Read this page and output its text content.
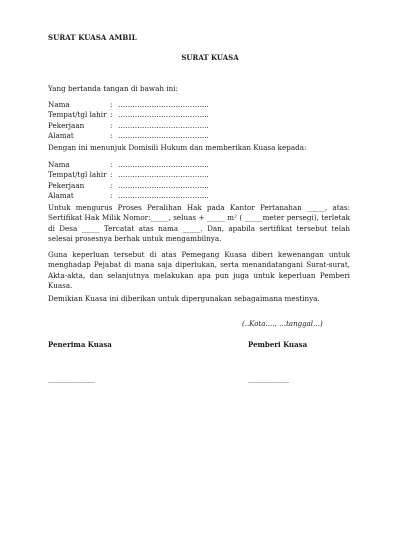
SURAT KUASA AMBIL
SURAT KUASA
Yang bertanda tangan di bawah ini:
Nama	: ………………………………..
Tempat/tgl lahir : ………………………………..
Pekerjaan	: ………………………………..
Alamat	: ………………………………..
Dengan ini menunjuk Domisili Hukum dan memberikan Kuasa kepada:
Nama	: ………………………………..
Tempat/tgl lahir : ………………………………..
Pekerjaan	: ………………………………..
Alamat	: ………………………………..
Untuk mengurus Proses Peralihan Hak pada Kantor Pertanahan _____, atas: Sertifikat Hak Milik Nomor:_____, seluas + _____ m² ( _____meter persegi), terletak di Desa _____ Tercatat atas nama _____. Dan, apabila sertifikat tersebut telah selesai prosesnya berhak untuk mengambilnya.
Guna keperluan tersebut di atas Pemegang Kuasa diberi kewenangan untuk menghadap Pejabat di mana saja diperlukan, serta menandatangani Surat-surat, Akta-akta, dan selanjutnya melakukan apa pun juga untuk keperluan Pemberi Kuasa.
Demikian Kuasa ini diberikan untuk dipergunakan sebagaimana mestinya.
(..Kota…., …tanggal…)
Penerima Kuasa	Pemberi Kuasa
________________	______________
